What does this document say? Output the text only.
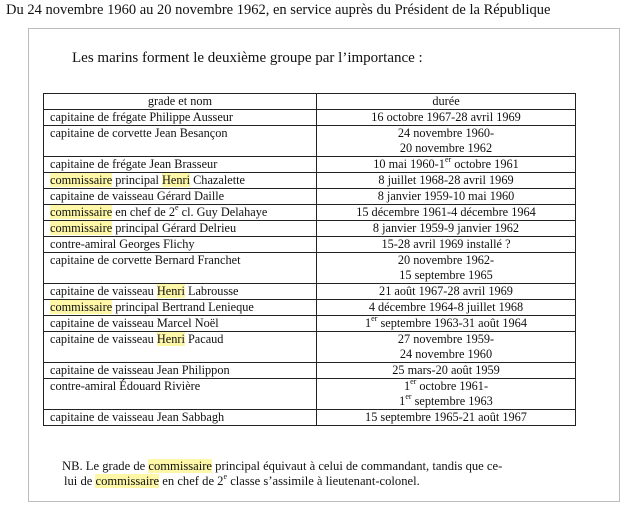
Du 24 novembre 1960 au 20 novembre 1962, en service auprès du Président de la République
Les marins forment le deuxième groupe par l’importance :
grade et nom	durée
capitaine de frégate Philippe Ausseur	16 octobre 1967-28 avril 1969
capitaine de corvette Jean Besançon	24 novembre 1960-
20 novembre 1962
capitaine de frégate Jean Brasseur	10 mai 1960-1er octobre 1961
commissaire principal Henri Chazalette	8 juillet 1968-28 avril 1969
capitaine de vaisseau Gérard Daille	8 janvier 1959-10 mai 1960
commissaire en chef de 2e cl. Guy Delahaye	15 décembre 1961-4 décembre 1964
commissaire principal Gérard Delrieu	8 janvier 1959-9 janvier 1962
contre-amiral Georges Flichy	15-28 avril 1969 installé ?
capitaine de corvette Bernard Franchet	20 novembre 1962-
15 septembre 1965
capitaine de vaisseau Henri Labrousse	21 août 1967-28 avril 1969
commissaire principal Bertrand Lenieque	4 décembre 1964-8 juillet 1968
capitaine de vaisseau Marcel Noël	1er septembre 1963-31 août 1964
capitaine de vaisseau Henri Pacaud	27 novembre 1959-
24 novembre 1960
capitaine de vaisseau Jean Philippon	25 mars-20 août 1959
contre-amiral Édouard Rivière	1er octobre 1961-
1er septembre 1963
capitaine de vaisseau Jean Sabbagh	15 septembre 1965-21 août 1967
NB. Le grade de commissaire principal équivaut à celui de commandant, tandis que ce-
lui de commissaire en chef de 2e classe s’assimile à lieutenant-colonel.
